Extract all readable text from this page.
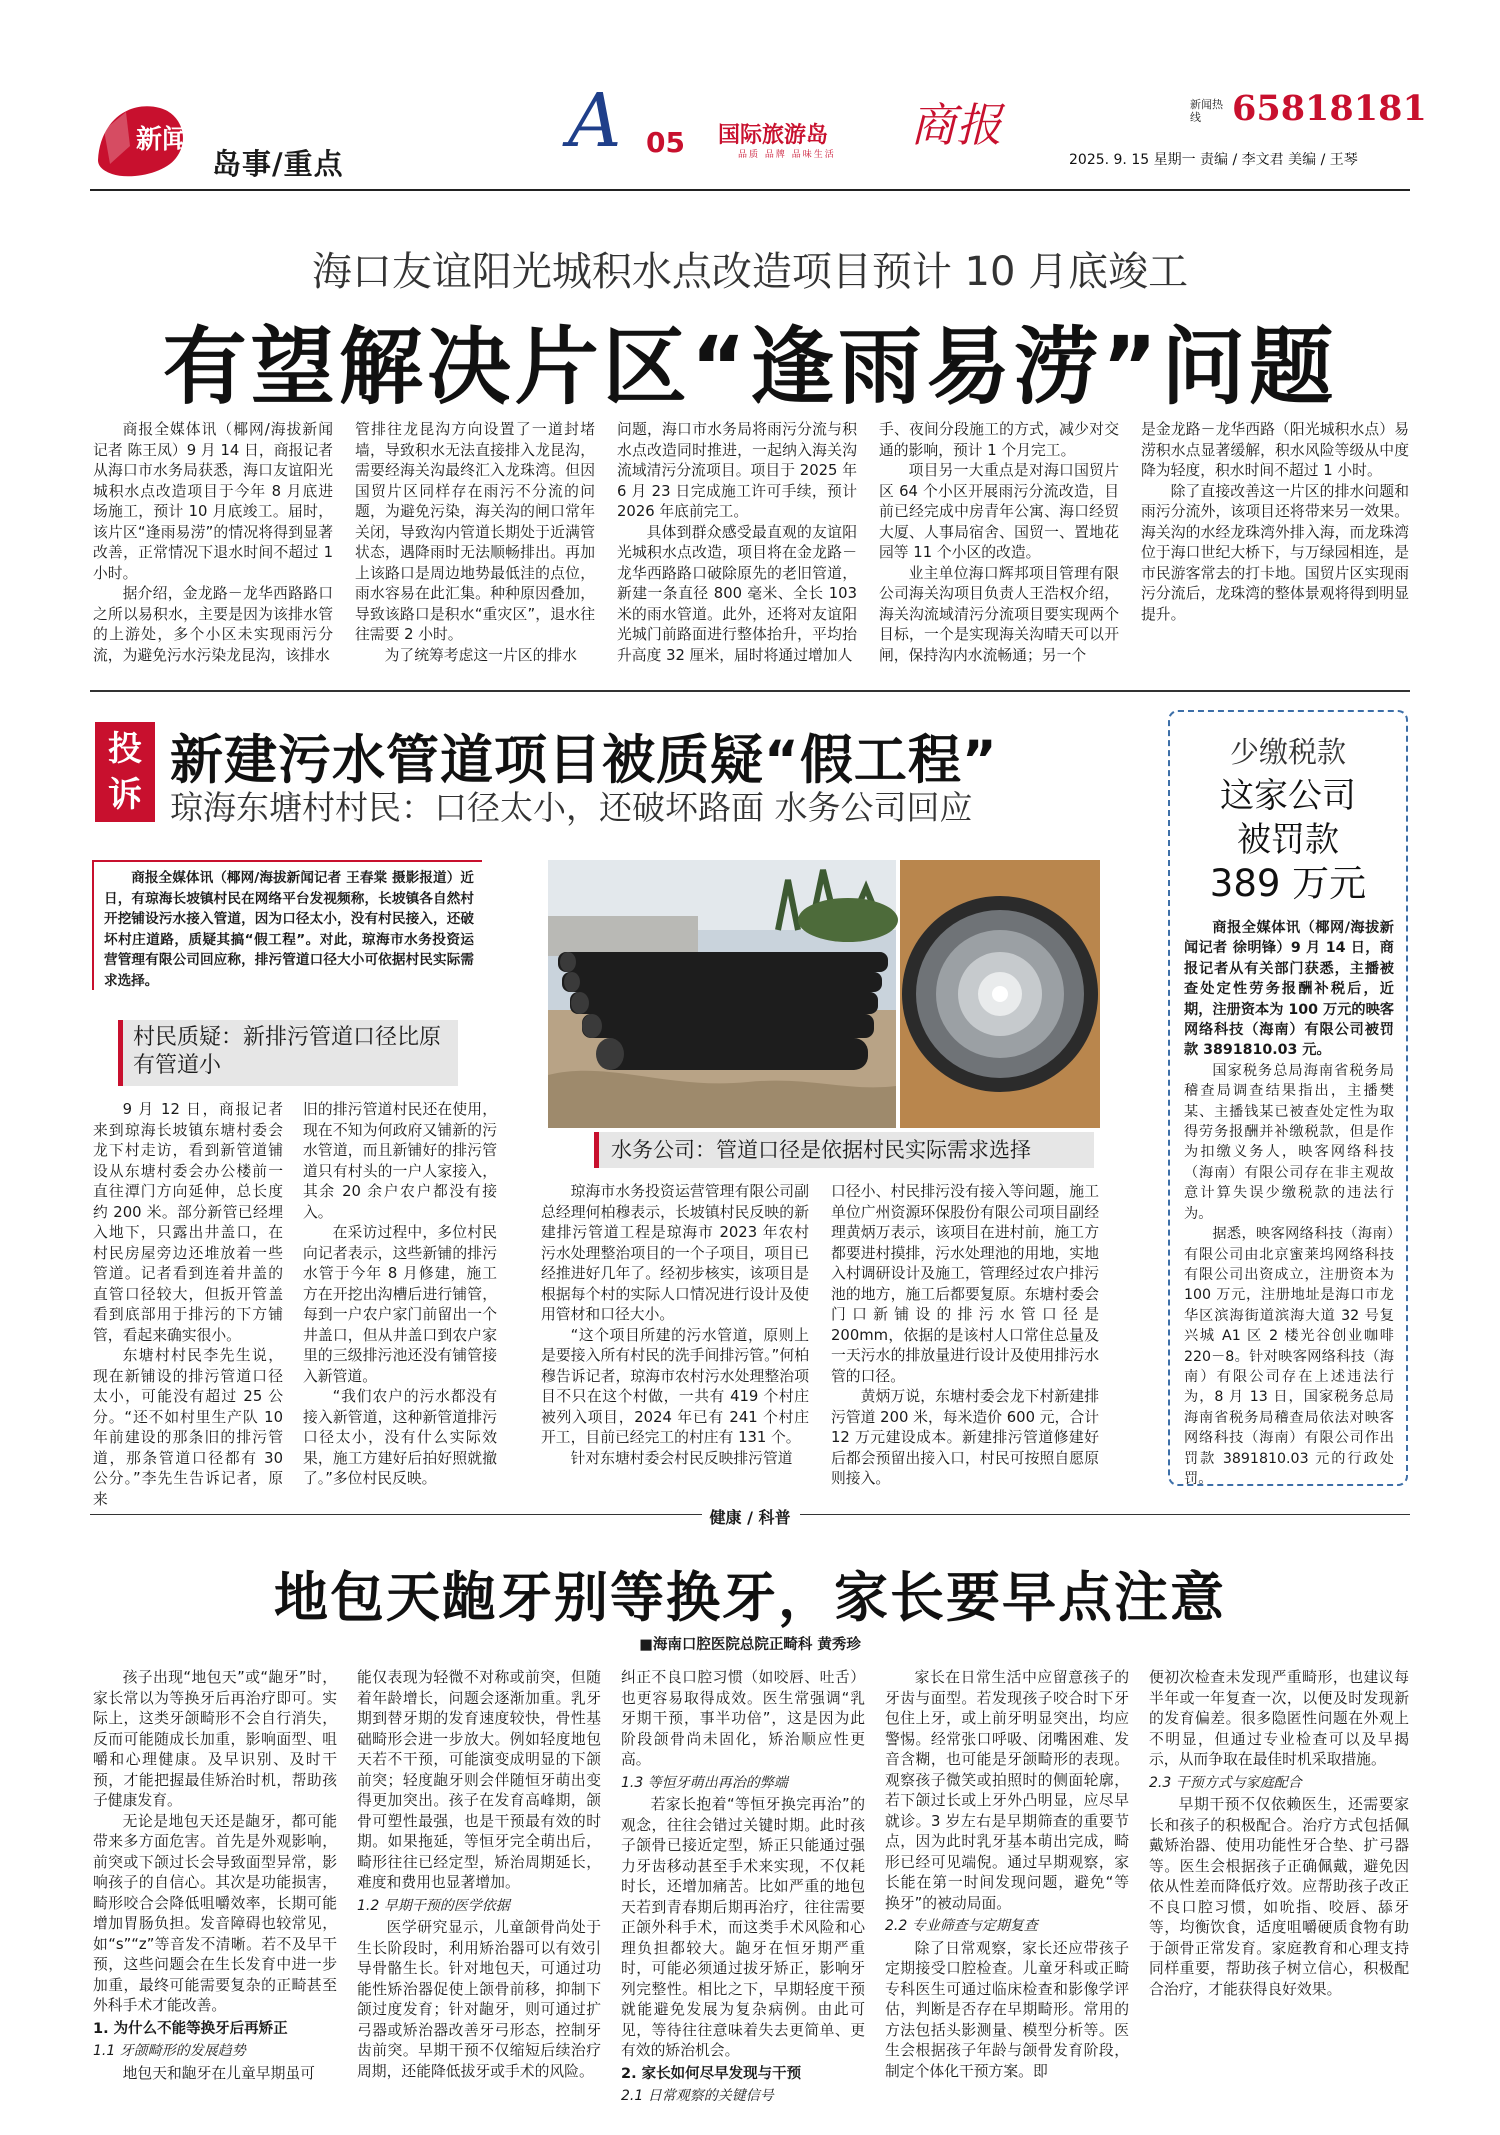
新闻
岛事/重点	A 05 国际旅游岛 商报
品质 品牌 品味生活
新闻热线 65818181
2025. 9. 15 星期一 责编 / 李文君 美编 / 王琴
海口友谊阳光城积水点改造项目预计 10 月底竣工
有望解决片区“逢雨易涝”问题

商报全媒体讯（椰网/海拔新闻记者 陈王凤）9 月 14 日，商报记者从海口市水务局获悉，海口友谊阳光城积水点改造项目于今年 8 月底进场施工，预计 10 月底竣工。届时，该片区“逢雨易涝”的情况将得到显著改善，正常情况下退水时间不超过 1 小时。

据介绍，金龙路－龙华西路路口之所以易积水，主要是因为该排水管的上游处，多个小区未实现雨污分流，为避免污水污染龙昆沟，该排水

管排往龙昆沟方向设置了一道封堵墙，导致积水无法直接排入龙昆沟，需要经海关沟最终汇入龙珠湾。但因国贸片区同样存在雨污不分流的问题，为避免污染，海关沟的闸口常年关闭，导致沟内管道长期处于近满管状态，遇降雨时无法顺畅排出。再加上该路口是周边地势最低洼的点位，雨水容易在此汇集。种种原因叠加，导致该路口是积水“重灾区”，退水往往需要 2 小时。

为了统筹考虑这一片区的排水

问题，海口市水务局将雨污分流与积水点改造同时推进，一起纳入海关沟流域清污分流项目。项目于 2025 年 6 月 23 日完成施工许可手续，预计 2026 年底前完工。

具体到群众感受最直观的友谊阳光城积水点改造，项目将在金龙路－龙华西路路口破除原先的老旧管道，新建一条直径 800 毫米、全长 103 米的雨水管道。此外，还将对友谊阳光城门前路面进行整体抬升，平均抬升高度 32 厘米，届时将通过增加人

手、夜间分段施工的方式，减少对交通的影响，预计 1 个月完工。

项目另一大重点是对海口国贸片区 64 个小区开展雨污分流改造，目前已经完成中房青年公寓、海口经贸大厦、人事局宿舍、国贸一、置地花园等 11 个小区的改造。

业主单位海口辉邦项目管理有限公司海关沟项目负责人王浩权介绍，海关沟流域清污分流项目要实现两个目标，一个是实现海关沟晴天可以开闸，保持沟内水流畅通；另一个

是金龙路－龙华西路（阳光城积水点）易涝积水点显著缓解，积水风险等级从中度降为轻度，积水时间不超过 1 小时。

除了直接改善这一片区的排水问题和雨污分流外，该项目还将带来另一效果。海关沟的水经龙珠湾外排入海，而龙珠湾位于海口世纪大桥下，与万绿园相连，是市民游客常去的打卡地。国贸片区实现雨污分流后，龙珠湾的整体景观将得到明显提升。

投诉
新建污水管道项目被质疑“假工程”
琼海东塘村村民：口径太小，还破坏路面 水务公司回应

商报全媒体讯（椰网/海拔新闻记者 王春棠 摄影报道）近日，有琼海长坡镇村民在网络平台发视频称，长坡镇各自然村开挖铺设污水接入管道，因为口径太小，没有村民接入，还破坏村庄道路，质疑其搞“假工程”。对此，琼海市水务投资运营管理有限公司回应称，排污管道口径大小可依据村民实际需求选择。

村民质疑：新排污管道口径比原有管道小

9 月 12 日，商报记者来到琼海长坡镇东塘村委会龙下村走访，看到新管道铺设从东塘村委会办公楼前一直往潭门方向延伸，总长度约 200 米。部分新管已经埋入地下，只露出井盖口，在村民房屋旁边还堆放着一些管道。记者看到连着井盖的直管口径较大，但扳开管盖看到底部用于排污的下方铺管，看起来确实很小。

东塘村村民李先生说，现在新铺设的排污管道口径太小，可能没有超过 25 公分。“还不如村里生产队 10 年前建设的那条旧的排污管道，那条管道口径都有 30 公分。”李先生告诉记者，原来

旧的排污管道村民还在使用，现在不知为何政府又铺新的污水管道，而且新铺好的排污管道只有村头的一户人家接入，其余 20 余户农户都没有接入。

在采访过程中，多位村民向记者表示，这些新铺的排污水管于今年 8 月修建，施工方在开挖出沟槽后进行铺管，每到一户农户家门前留出一个井盖口，但从井盖口到农户家里的三级排污池还没有铺管接入新管道。

“我们农户的污水都没有接入新管道，这种新管道排污口径太小，没有什么实际效果，施工方建好后拍好照就撤了。”多位村民反映。

水务公司：管道口径是依据村民实际需求选择

琼海市水务投资运营管理有限公司副总经理何柏穆表示，长坡镇村民反映的新建排污管道工程是琼海市 2023 年农村污水处理整治项目的一个子项目，项目已经推进好几年了。经初步核实，该项目是根据每个村的实际人口情况进行设计及使用管材和口径大小。

“这个项目所建的污水管道，原则上是要接入所有村民的洗手间排污管。”何柏穆告诉记者，琼海市农村污水处理整治项目不只在这个村做，一共有 419 个村庄被列入项目，2024 年已有 241 个村庄开工，目前已经完工的村庄有 131 个。

针对东塘村委会村民反映排污管道

口径小、村民排污没有接入等问题，施工单位广州资源环保股份有限公司项目副经理黄炳万表示，该项目在进村前，施工方都要进村摸排，污水处理池的用地，实地入村调研设计及施工，管理经过农户排污池的地方，施工后都要复原。东塘村委会门口新铺设的排污水管口径是 200mm，依据的是该村人口常住总量及一天污水的排放量进行设计及使用排污水管的口径。

黄炳万说，东塘村委会龙下村新建排污管道 200 米，每米造价 600 元，合计 12 万元建设成本。新建排污管道修建好后都会预留出接入口，村民可按照自愿原则接入。

少缴税款
这家公司
被罚款
389 万元

商报全媒体讯（椰网/海拔新闻记者 徐明锋）9 月 14 日，商报记者从有关部门获悉，主播被查处定性劳务报酬补税后，近期，注册资本为 100 万元的映客网络科技（海南）有限公司被罚款 3891810.03 元。

国家税务总局海南省税务局稽查局调查结果指出，主播樊某、主播钱某已被查处定性为取得劳务报酬并补缴税款，但是作为扣缴义务人，映客网络科技（海南）有限公司存在非主观故意计算失误少缴税款的违法行为。

据悉，映客网络科技（海南）有限公司由北京蜜莱坞网络科技有限公司出资成立，注册资本为 100 万元，注册地址是海口市龙华区滨海街道滨海大道 32 号复兴城 A1 区 2 楼光谷创业咖啡 220－8。针对映客网络科技（海南）有限公司存在上述违法行为，8 月 13 日，国家税务总局海南省税务局稽查局依法对映客网络科技（海南）有限公司作出罚款 3891810.03 元的行政处罚。

健康 / 科普
地包天龅牙别等换牙，家长要早点注意
■海南口腔医院总院正畸科 黄秀珍

孩子出现“地包天”或“龅牙”时，家长常以为等换牙后再治疗即可。实际上，这类牙颌畸形不会自行消失，反而可能随成长加重，影响面型、咀嚼和心理健康。及早识别、及时干预，才能把握最佳矫治时机，帮助孩子健康发育。

无论是地包天还是龅牙，都可能带来多方面危害。首先是外观影响，前突或下颌过长会导致面型异常，影响孩子的自信心。其次是功能损害，畸形咬合会降低咀嚼效率，长期可能增加胃肠负担。发音障碍也较常见，如“s”“z”等音发不清晰。若不及早干预，这些问题会在生长发育中进一步加重，最终可能需要复杂的正畸甚至外科手术才能改善。

1. 为什么不能等换牙后再矫正
1.1 牙颌畸形的发展趋势

地包天和龅牙在儿童早期虽可

能仅表现为轻微不对称或前突，但随着年龄增长，问题会逐渐加重。乳牙期到替牙期的发育速度较快，骨性基础畸形会进一步放大。例如轻度地包天若不干预，可能演变成明显的下颌前突；轻度龅牙则会伴随恒牙萌出变得更加突出。孩子在发育高峰期，颌骨可塑性最强，也是干预最有效的时期。如果拖延，等恒牙完全萌出后，畸形往往已经定型，矫治周期延长，难度和费用也显著增加。

1.2 早期干预的医学依据

医学研究显示，儿童颌骨尚处于生长阶段时，利用矫治器可以有效引导骨骼生长。针对地包天，可通过功能性矫治器促使上颌骨前移，抑制下颌过度发育；针对龅牙，则可通过扩弓器或矫治器改善牙弓形态，控制牙齿前突。早期干预不仅缩短后续治疗周期，还能降低拔牙或手术的风险。

纠正不良口腔习惯（如咬唇、吐舌）也更容易取得成效。医生常强调“乳牙期干预，事半功倍”，这是因为此阶段颌骨尚未固化，矫治顺应性更高。

1.3 等恒牙萌出再治的弊端

若家长抱着“等恒牙换完再治”的观念，往往会错过关键时期。此时孩子颌骨已接近定型，矫正只能通过强力牙齿移动甚至手术来实现，不仅耗时长，还增加痛苦。比如严重的地包天若到青春期后期再治疗，往往需要正颌外科手术，而这类手术风险和心理负担都较大。龅牙在恒牙期严重时，可能必须通过拔牙矫正，影响牙列完整性。相比之下，早期轻度干预就能避免发展为复杂病例。由此可见，等待往往意味着失去更简单、更有效的矫治机会。

2. 家长如何尽早发现与干预
2.1 日常观察的关键信号

家长在日常生活中应留意孩子的牙齿与面型。若发现孩子咬合时下牙包住上牙，或上前牙明显突出，均应警惕。经常张口呼吸、闭嘴困难、发音含糊，也可能是牙颌畸形的表现。观察孩子微笑或拍照时的侧面轮廓，若下颌过长或上牙外凸明显，应尽早就诊。3 岁左右是早期筛查的重要节点，因为此时乳牙基本萌出完成，畸形已经可见端倪。通过早期观察，家长能在第一时间发现问题，避免“等换牙”的被动局面。

2.2 专业筛查与定期复查

除了日常观察，家长还应带孩子定期接受口腔检查。儿童牙科或正畸专科医生可通过临床检查和影像学评估，判断是否存在早期畸形。常用的方法包括头影测量、模型分析等。医生会根据孩子年龄与颌骨发育阶段，制定个体化干预方案。即

便初次检查未发现严重畸形，也建议每半年或一年复查一次，以便及时发现新的发育偏差。很多隐匿性问题在外观上不明显，但通过专业检查可以及早揭示，从而争取在最佳时机采取措施。

2.3 干预方式与家庭配合

早期干预不仅依赖医生，还需要家长和孩子的积极配合。治疗方式包括佩戴矫治器、使用功能性牙合垫、扩弓器等。医生会根据孩子正确佩戴，避免因依从性差而降低疗效。应帮助孩子改正不良口腔习惯，如吮指、咬唇、舔牙等，均衡饮食，适度咀嚼硬质食物有助于颌骨正常发育。家庭教育和心理支持同样重要，帮助孩子树立信心，积极配合治疗，才能获得良好效果。
